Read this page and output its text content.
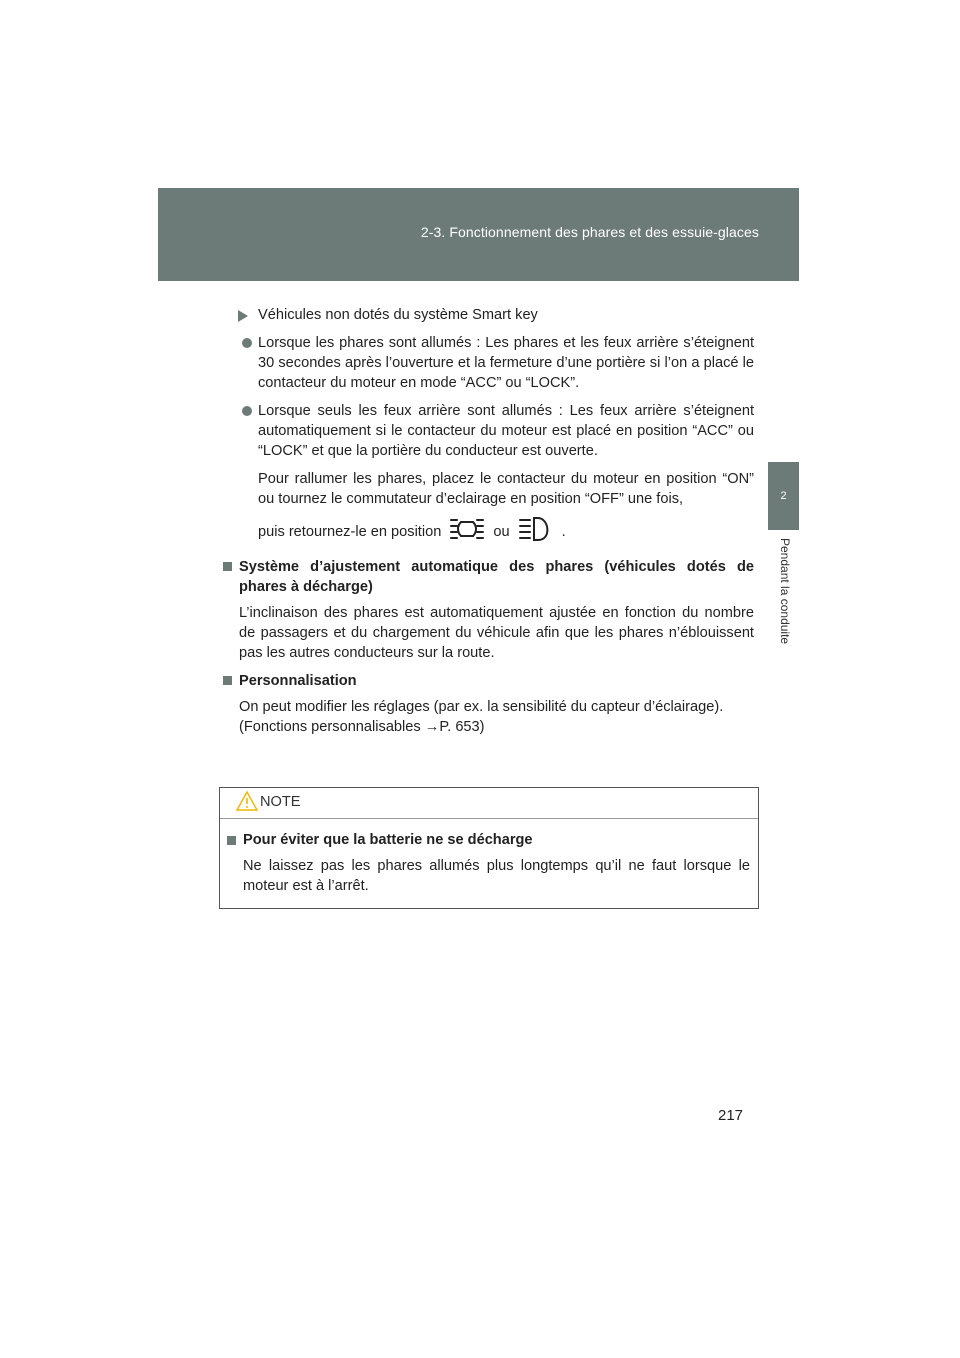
2-3. Fonctionnement des phares et des essuie-glaces
2
Pendant la conduite
Véhicules non dotés du système Smart key
Lorsque les phares sont allumés : Les phares et les feux arrière s’éteignent 30 secondes après l’ouverture et la fermeture d’une portière si l’on a placé le contacteur du moteur en mode “ACC” ou “LOCK”.
Lorsque seuls les feux arrière sont allumés : Les feux arrière s’éteignent automatiquement si le contacteur du moteur est placé en position “ACC” ou “LOCK” et que la portière du conducteur est ouverte.
Pour rallumer les phares, placez le contacteur du moteur en position “ON” ou tournez le commutateur d’eclairage en position “OFF” une fois,
puis retournez-le en position	ou	.
Système d’ajustement automatique des phares (véhicules dotés de phares à décharge)
L’inclinaison des phares est automatiquement ajustée en fonction du nombre de passagers et du chargement du véhicule afin que les phares n’éblouissent pas les autres conducteurs sur la route.
Personnalisation
On peut modifier les réglages (par ex. la sensibilité du capteur d’éclairage).
(Fonctions personnalisables →P. 653)
NOTE
Pour éviter que la batterie ne se décharge
Ne laissez pas les phares allumés plus longtemps qu’il ne faut lorsque le moteur est à l’arrêt.
217
